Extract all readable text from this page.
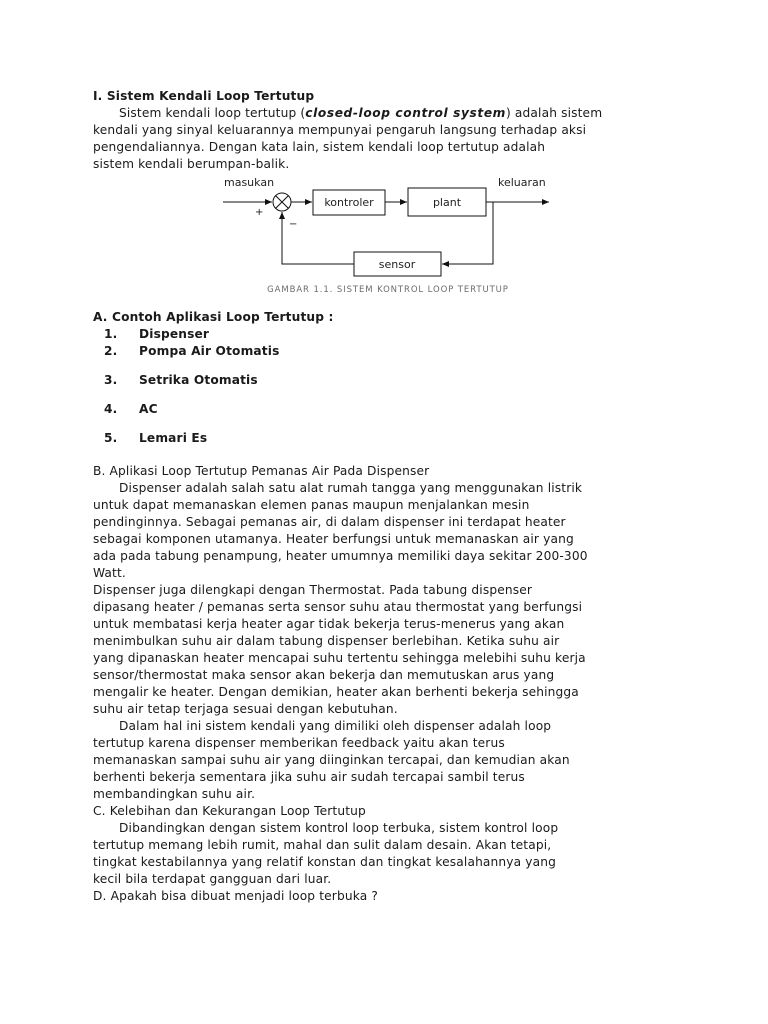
I. Sistem Kendali Loop Tertutup
Sistem kendali loop tertutup (closed-loop control system) adalah sistem
kendali yang sinyal keluarannya mempunyai pengaruh langsung terhadap aksi
pengendaliannya. Dengan kata lain, sistem kendali loop tertutup adalah
sistem kendali berumpan-balik.
masukan
+
−
kontroler	plant
keluaran
sensor
GAMBAR 1.1. SISTEM KONTROL LOOP TERTUTUP
A. Contoh Aplikasi Loop Tertutup :
1. Dispenser
2. Pompa Air Otomatis
3. Setrika Otomatis
4. AC
5. Lemari Es
B. Aplikasi Loop Tertutup Pemanas Air Pada Dispenser
Dispenser adalah salah satu alat rumah tangga yang menggunakan listrik
untuk dapat memanaskan elemen panas maupun menjalankan mesin
pendinginnya. Sebagai pemanas air, di dalam dispenser ini terdapat heater
sebagai komponen utamanya. Heater berfungsi untuk memanaskan air yang
ada pada tabung penampung, heater umumnya memiliki daya sekitar 200-300
Watt.
Dispenser juga dilengkapi dengan Thermostat. Pada tabung dispenser
dipasang heater / pemanas serta sensor suhu atau thermostat yang berfungsi
untuk membatasi kerja heater agar tidak bekerja terus-menerus yang akan
menimbulkan suhu air dalam tabung dispenser berlebihan. Ketika suhu air
yang dipanaskan heater mencapai suhu tertentu sehingga melebihi suhu kerja
sensor/thermostat maka sensor akan bekerja dan memutuskan arus yang
mengalir ke heater. Dengan demikian, heater akan berhenti bekerja sehingga
suhu air tetap terjaga sesuai dengan kebutuhan.
Dalam hal ini sistem kendali yang dimiliki oleh dispenser adalah loop
tertutup karena dispenser memberikan feedback yaitu akan terus
memanaskan sampai suhu air yang diinginkan tercapai, dan kemudian akan
berhenti bekerja sementara jika suhu air sudah tercapai sambil terus
membandingkan suhu air.
C. Kelebihan dan Kekurangan Loop Tertutup
Dibandingkan dengan sistem kontrol loop terbuka, sistem kontrol loop
tertutup memang lebih rumit, mahal dan sulit dalam desain. Akan tetapi,
tingkat kestabilannya yang relatif konstan dan tingkat kesalahannya yang
kecil bila terdapat gangguan dari luar.
D. Apakah bisa dibuat menjadi loop terbuka ?
